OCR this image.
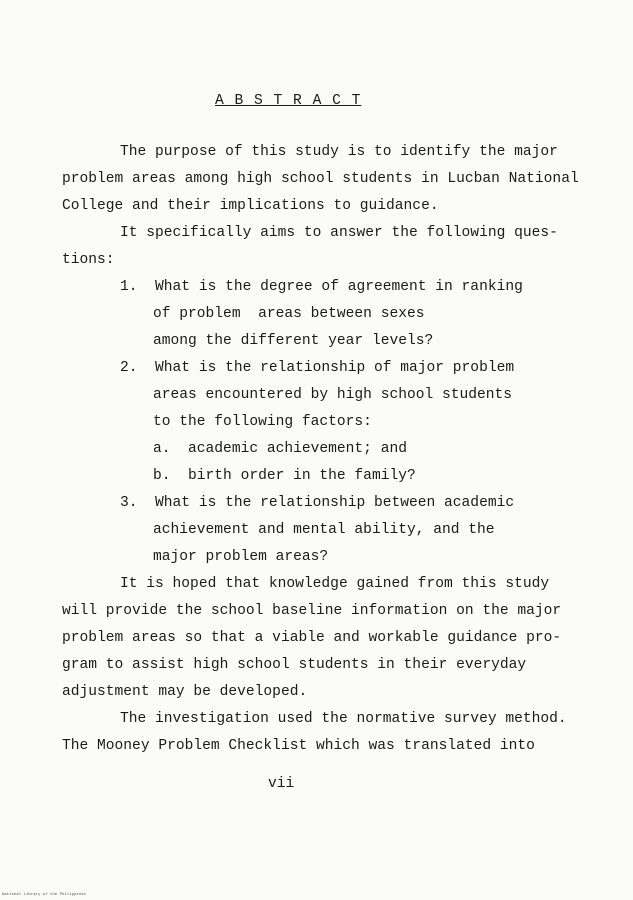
A B S T R A C T
The purpose of this study is to identify the major
problem areas among high school students in Lucban National
College and their implications to guidance.
It specifically aims to answer the following ques-
tions:
1.  What is the degree of agreement in ranking
of problem  areas between sexes
among the different year levels?
2.  What is the relationship of major problem
areas encountered by high school students
to the following factors:
a.  academic achievement; and
b.  birth order in the family?
3.  What is the relationship between academic
achievement and mental ability, and the
major problem areas?
It is hoped that knowledge gained from this study
will provide the school baseline information on the major
problem areas so that a viable and workable guidance pro-
gram to assist high school students in their everyday
adjustment may be developed.
The investigation used the normative survey method.
The Mooney Problem Checklist which was translated into
vii
National Library of the Philippines
